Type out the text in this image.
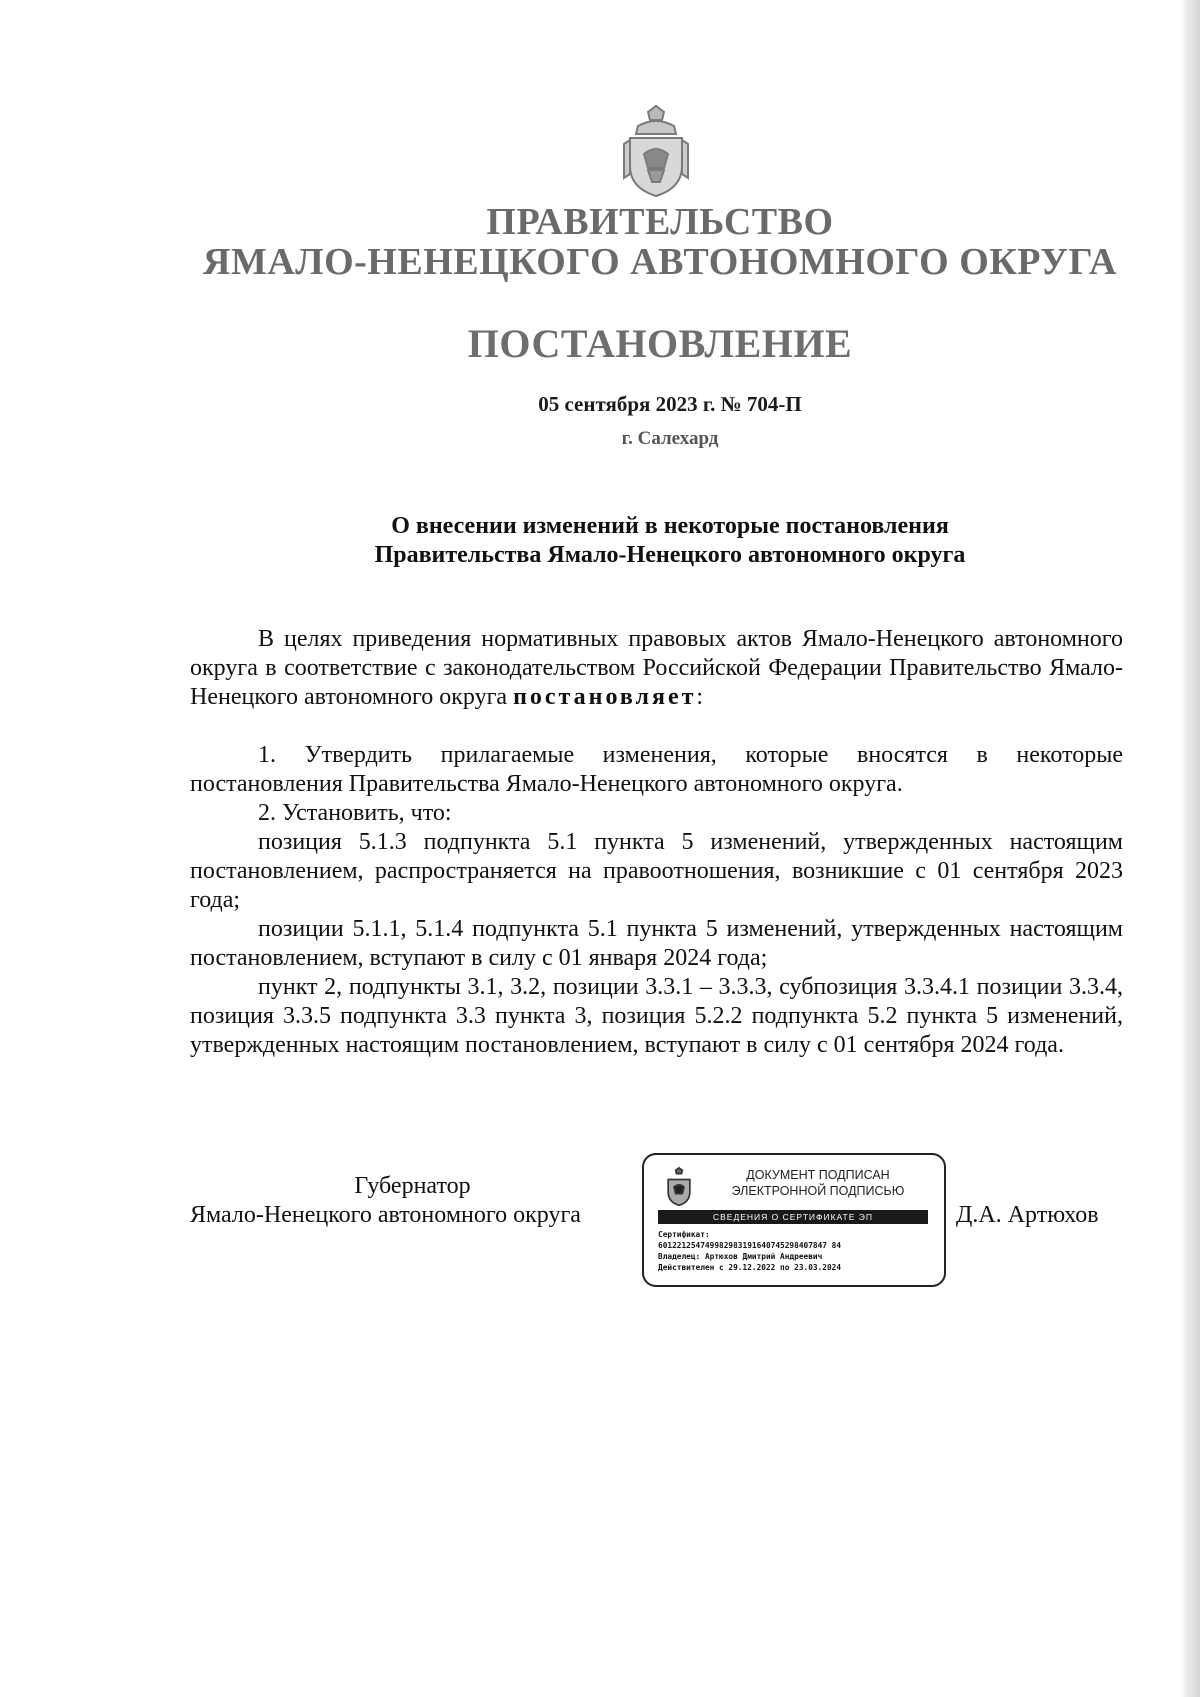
ПРАВИТЕЛЬСТВО
ЯМАЛО-НЕНЕЦКОГО АВТОНОМНОГО ОКРУГА
ПОСТАНОВЛЕНИЕ
05 сентября 2023 г. № 704-П
г. Салехард
О внесении изменений в некоторые постановления
Правительства Ямало-Ненецкого автономного округа

В целях приведения нормативных правовых актов Ямало-Ненецкого автономного округа в соответствие с законодательством Российской Федерации Правительство Ямало-Ненецкого автономного округа постановляет:

1. Утвердить прилагаемые изменения, которые вносятся в некоторые постановления Правительства Ямало-Ненецкого автономного округа.

2. Установить, что:

позиция 5.1.3 подпункта 5.1 пункта 5 изменений, утвержденных настоящим постановлением, распространяется на правоотношения, возникшие с 01 сентября 2023 года;

позиции 5.1.1, 5.1.4 подпункта 5.1 пункта 5 изменений, утвержденных настоящим постановлением, вступают в силу с 01 января 2024 года;

пункт 2, подпункты 3.1, 3.2, позиции 3.3.1 – 3.3.3, субпозиция 3.3.4.1 позиции 3.3.4, позиция 3.3.5 подпункта 3.3 пункта 3, позиция 5.2.2 подпункта 5.2 пункта 5 изменений, утвержденных настоящим постановлением, вступают в силу с 01 сентября 2024 года.

Губернатор
Ямало-Ненецкого автономного округа
ДОКУМЕНТ ПОДПИСАН
ЭЛЕКТРОННОЙ ПОДПИСЬЮ
СВЕДЕНИЯ О СЕРТИФИКАТЕ ЭП
Сертификат:
601221254749982983191640745298407847 84
Владелец: Артюхов Дмитрий Андреевич
Действителен с 29.12.2022 по 23.03.2024
Д.А. Артюхов
